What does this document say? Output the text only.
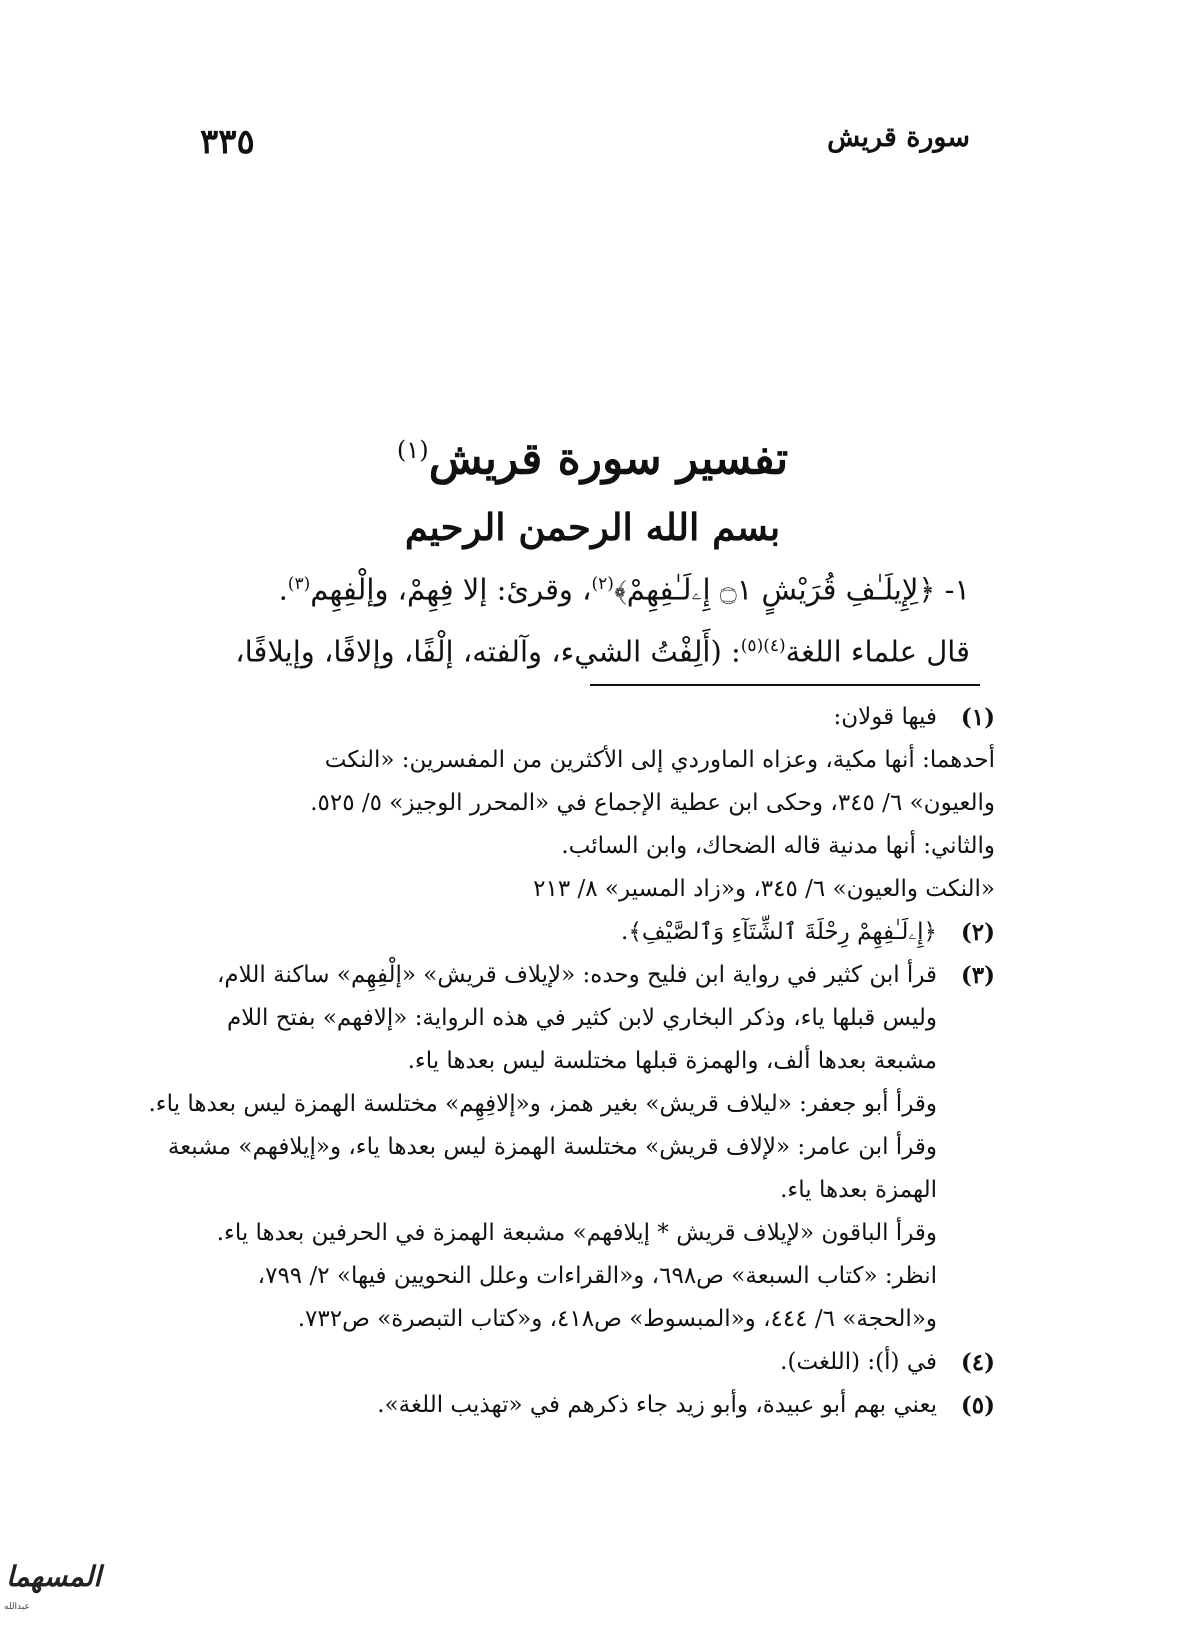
سورة قريش
٣٣٥
تفسير سورة قريش$^{(١)}$
بسم الله الرحمن الرحيم
١- ﴿لِإِيلَـٰفِ قُرَيْشٍ ۝١ إِۦلَـٰفِهِمْ﴾$^{(٢)}$، وقرئ: إلا فِهِمْ، وإلْفِهِم$^{(٣)}$.
قال علماء اللغة$^{(٤)(٥)}$: (أَلِفْتُ الشيء، وآلفته، إلْفًا، وإلافًا، وإيلافًا،
(١)
فيها قولان:
أحدهما: أنها مكية، وعزاه الماوردي إلى الأكثرين من المفسرين: «النكت
والعيون» ٦/ ٣٤٥، وحكى ابن عطية الإجماع في «المحرر الوجيز» ٥/ ٥٢٥.
والثاني: أنها مدنية قاله الضحاك، وابن السائب.
«النكت والعيون» ٦/ ٣٤٥، و«زاد المسير» ٨/ ٢١٣
(٢)
﴿إِۦلَـٰفِهِمْ رِحْلَةَ ٱلشِّتَآءِ وَٱلصَّيْفِ﴾.
(٣)
قرأ ابن كثير في رواية ابن فليح وحده: «لإيلاف قريش» «إلْفِهِم» ساكنة اللام،
وليس قبلها ياء، وذكر البخاري لابن كثير في هذه الرواية: «إلافهم» بفتح اللام
مشبعة بعدها ألف، والهمزة قبلها مختلسة ليس بعدها ياء.
وقرأ أبو جعفر: «ليلاف قريش» بغير همز، و«إلافِهِم» مختلسة الهمزة ليس بعدها ياء.
وقرأ ابن عامر: «لإلاف قريش» مختلسة الهمزة ليس بعدها ياء، و«إيلافهم» مشبعة
الهمزة بعدها ياء.
وقرأ الباقون «لإيلاف قريش * إيلافهم» مشبعة الهمزة في الحرفين بعدها ياء.
انظر: «كتاب السبعة» ص٦٩٨، و«القراءات وعلل النحويين فيها» ٢/ ٧٩٩،
و«الحجة» ٦/ ٤٤٤، و«المبسوط» ص٤١٨، و«كتاب التبصرة» ص٧٣٢.
(٤)
في (أ): (اللغت).
(٥)
يعني بهم أبو عبيدة، وأبو زيد جاء ذكرهم في «تهذيب اللغة».
المسهما
عبدالله
